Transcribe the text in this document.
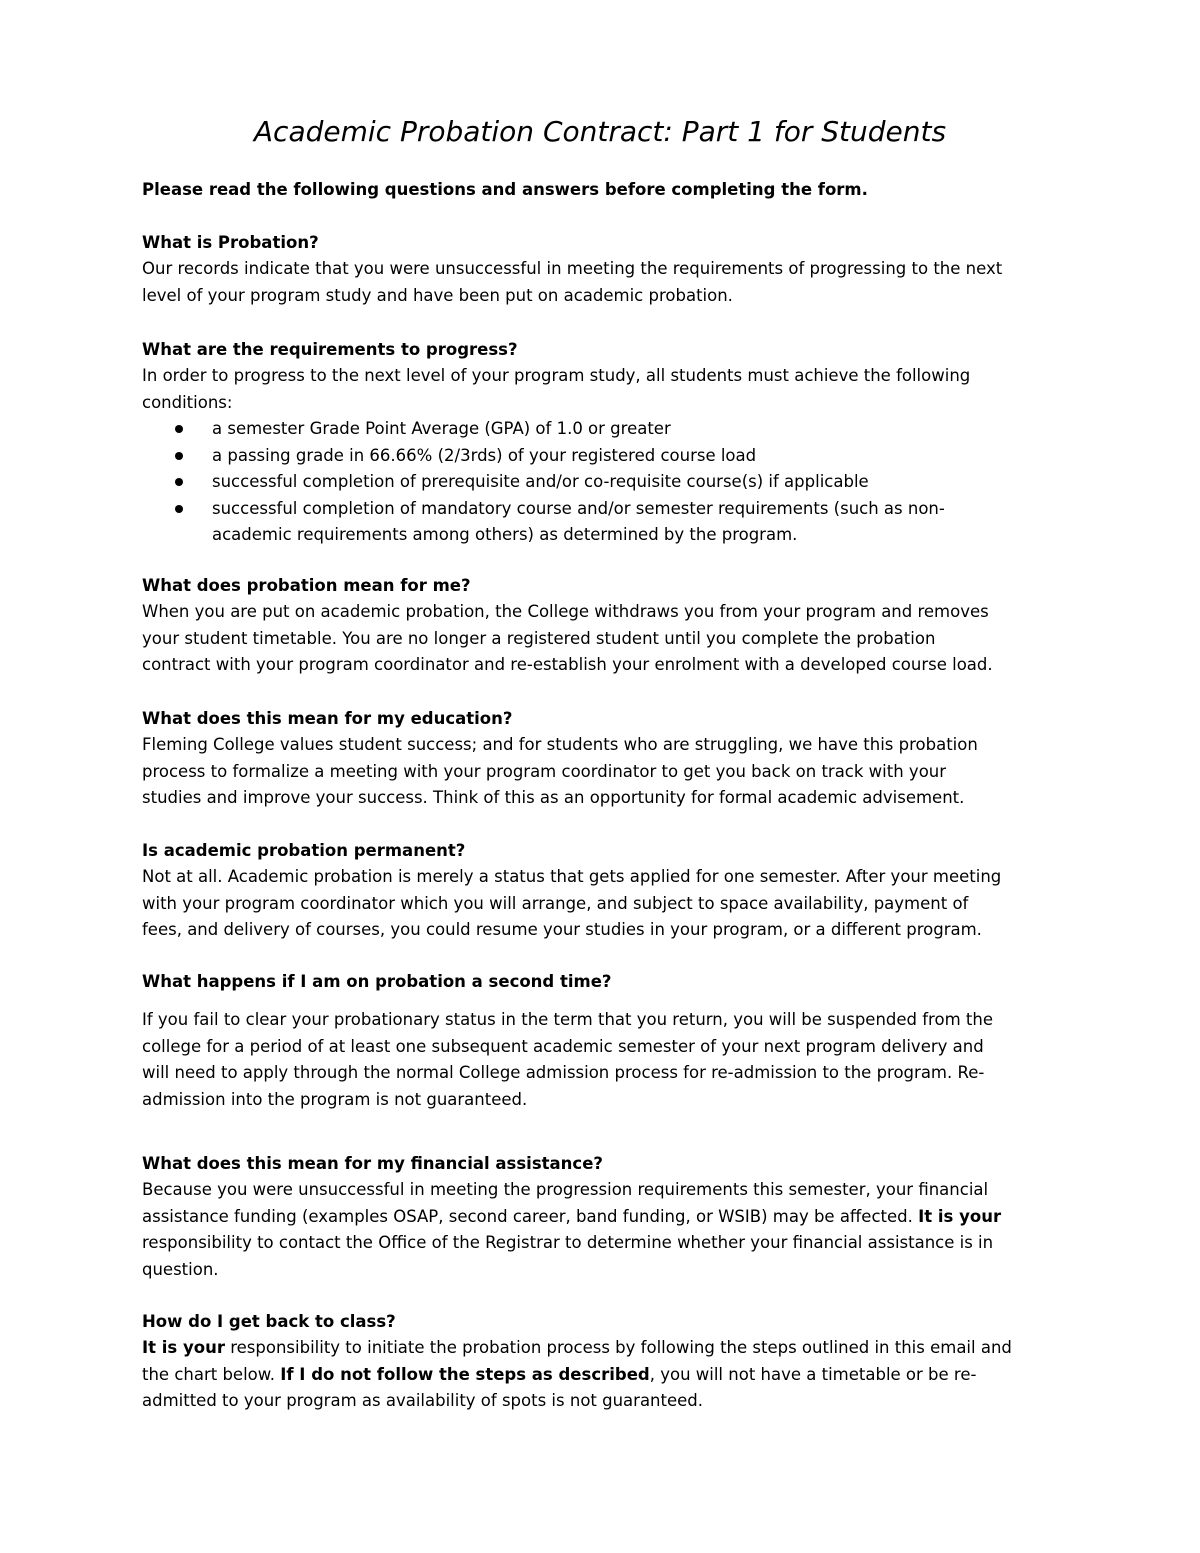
Academic Probation Contract: Part 1 for Students
Please read the following questions and answers before completing the form.
What is Probation?
Our records indicate that you were unsuccessful in meeting the requirements of progressing to the next
level of your program study and have been put on academic probation.
What are the requirements to progress?
In order to progress to the next level of your program study, all students must achieve the following
conditions:
a semester Grade Point Average (GPA) of 1.0 or greater
a passing grade in 66.66% (2/3rds) of your registered course load
successful completion of prerequisite and/or co-requisite course(s) if applicable
successful completion of mandatory course and/or semester requirements (such as non-
academic requirements among others) as determined by the program.
What does probation mean for me?
When you are put on academic probation, the College withdraws you from your program and removes
your student timetable. You are no longer a registered student until you complete the probation
contract with your program coordinator and re-establish your enrolment with a developed course load.
What does this mean for my education?
Fleming College values student success; and for students who are struggling, we have this probation
process to formalize a meeting with your program coordinator to get you back on track with your
studies and improve your success. Think of this as an opportunity for formal academic advisement.
Is academic probation permanent?
Not at all. Academic probation is merely a status that gets applied for one semester. After your meeting
with your program coordinator which you will arrange, and subject to space availability, payment of
fees, and delivery of courses, you could resume your studies in your program, or a different program.
What happens if I am on probation a second time?
If you fail to clear your probationary status in the term that you return, you will be suspended from the
college for a period of at least one subsequent academic semester of your next program delivery and
will need to apply through the normal College admission process for re-admission to the program. Re-
admission into the program is not guaranteed.
What does this mean for my financial assistance?
Because you were unsuccessful in meeting the progression requirements this semester, your financial
assistance funding (examples OSAP, second career, band funding, or WSIB) may be affected. It is your
responsibility to contact the Office of the Registrar to determine whether your financial assistance is in
question.
How do I get back to class?
It is your responsibility to initiate the probation process by following the steps outlined in this email and
the chart below. If I do not follow the steps as described, you will not have a timetable or be re-
admitted to your program as availability of spots is not guaranteed.
